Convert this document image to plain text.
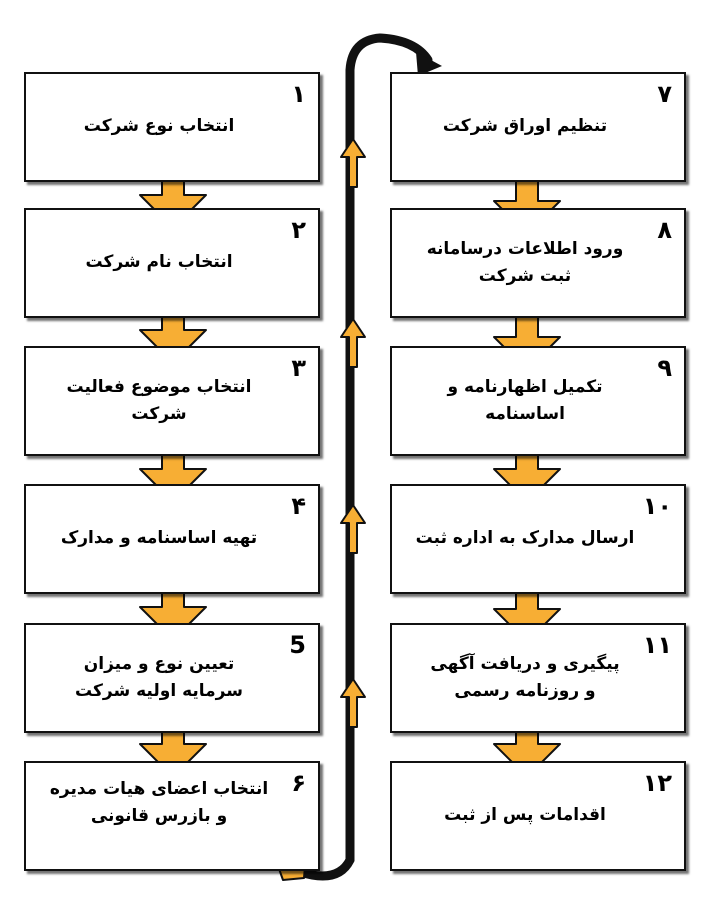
۱
انتخاب نوع شرکت
۲
انتخاب نام شرکت
۳
انتخاب موضوع فعالیت شرکت
۴
تهیه اساسنامه و مدارک
5
تعیین نوع و میزان
سرمایه اولیه شرکت
۶
انتخاب اعضای هیات مدیره
و بازرس قانونی
۷
تنظیم اوراق شرکت
۸
ورود اطلاعات درسامانه
ثبت شرکت
۹
تکمیل اظهارنامه و اساسنامه
۱۰
ارسال مدارک به اداره ثبت
۱۱
پیگیری و دریافت آگهی
و روزنامه رسمی
۱۲
اقدامات پس از ثبت
